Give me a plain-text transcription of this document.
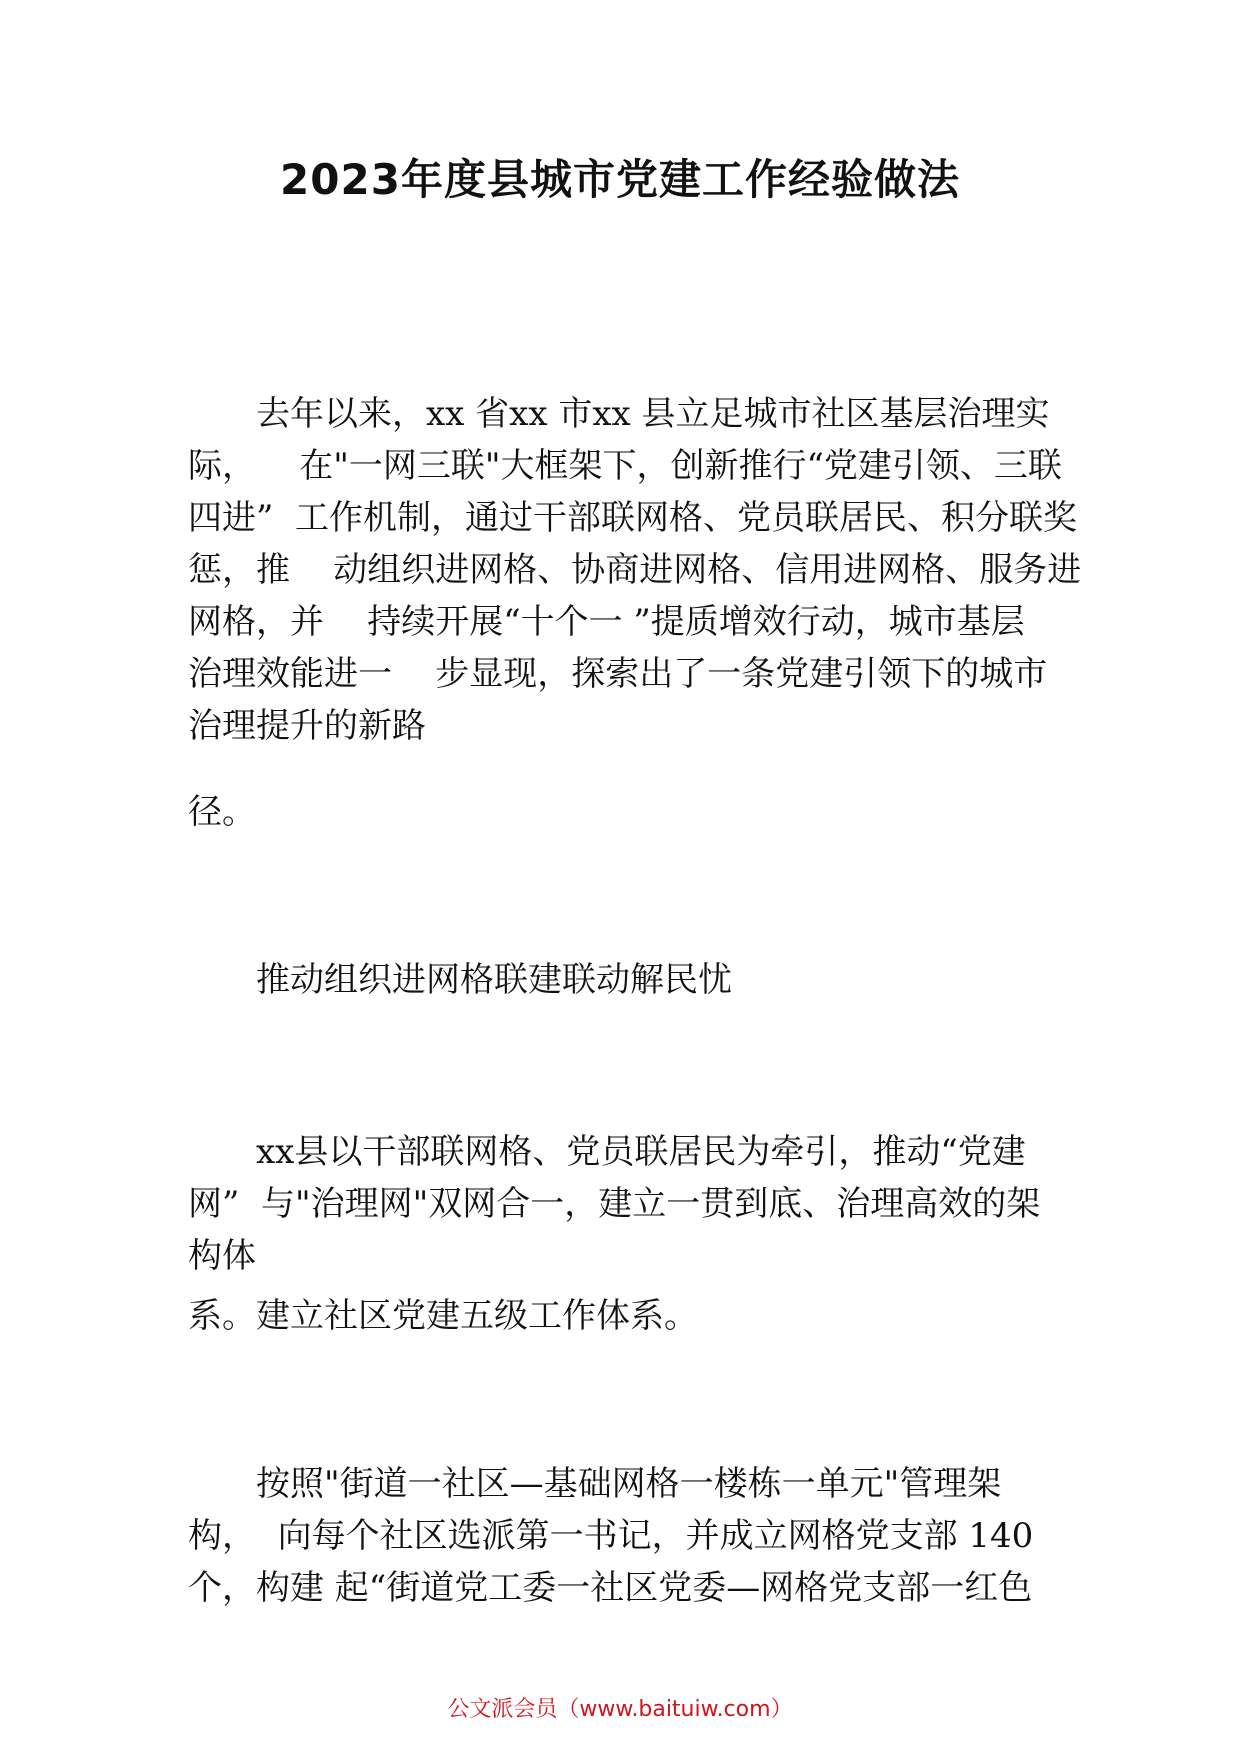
2023年度县城市党建工作经验做法
去年以来，xx 省xx 市xx 县立足城市社区基层治理实
际，    在"一网三联"大框架下，创新推行“党建引领、三联
四进”  工作机制，通过干部联网格、党员联居民、积分联奖
惩，推    动组织进网格、协商进网格、信用进网格、服务进
网格，并    持续开展“十个一 ”提质增效行动，城市基层
治理效能进一    步显现，探索出了一条党建引领下的城市
治理提升的新路
径。
推动组织进网格联建联动解民忧
xx县以干部联网格、党员联居民为牵引，推动“党建
网”  与"治理网"双网合一，建立一贯到底、治理高效的架
构体
系。建立社区党建五级工作体系。
按照"街道一社区—基础网格一楼栋一单元"管理架
构，  向每个社区选派第一书记，并成立网格党支部 140
个，构建 起“街道党工委一社区党委—网格党支部一红色
公文派会员（www.baituiw.com）
